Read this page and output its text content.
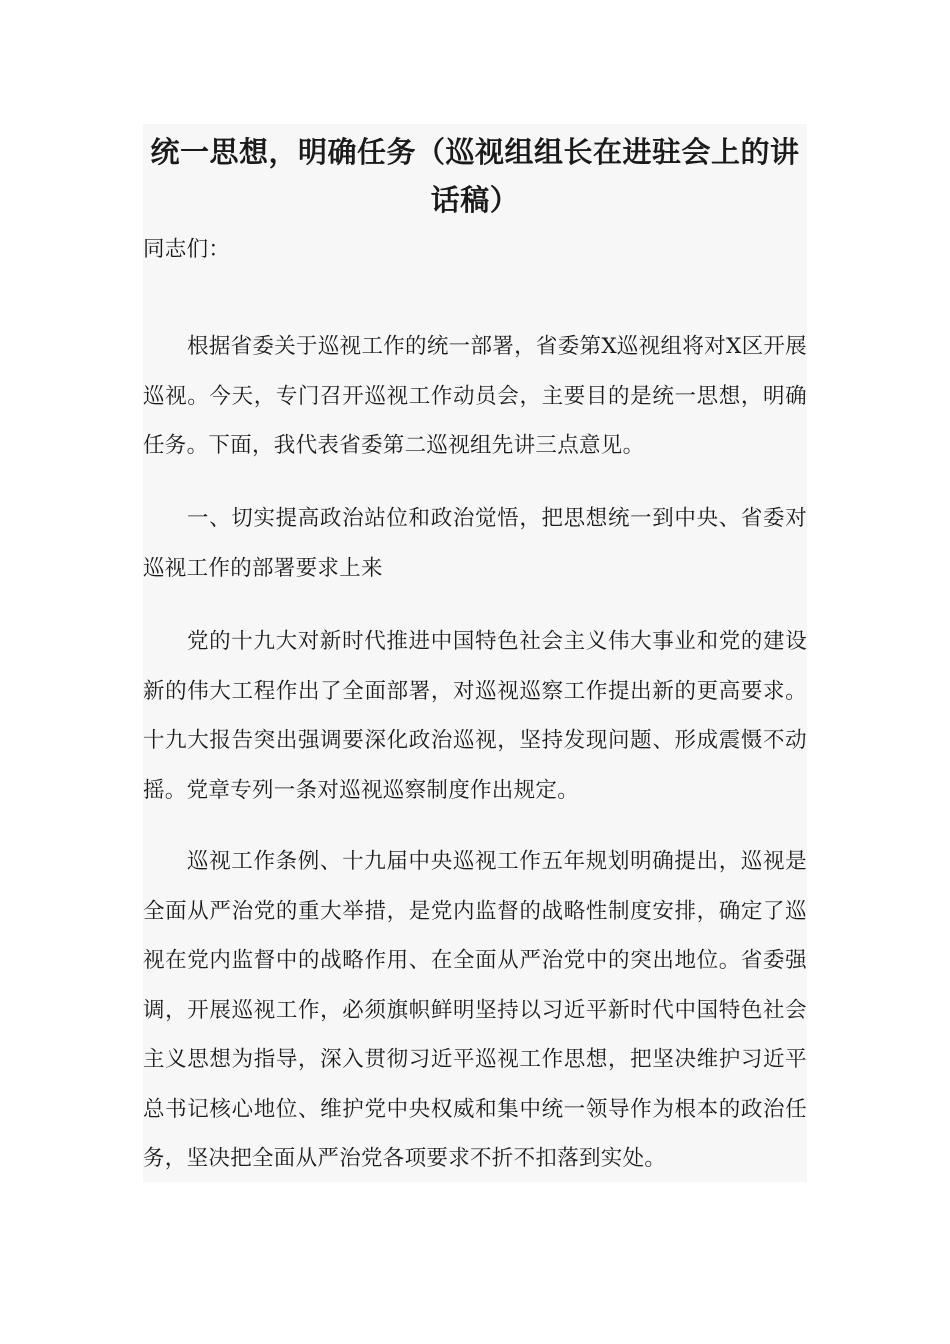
统一思想，明确任务（巡视组组长在进驻会上的讲话稿）

同志们：

根据省委关于巡视工作的统一部署，省委第X巡视组将对X区开展巡视。今天，专门召开巡视工作动员会，主要目的是统一思想，明确任务。下面，我代表省委第二巡视组先讲三点意见。

一、切实提高政治站位和政治觉悟，把思想统一到中央、省委对巡视工作的部署要求上来

党的十九大对新时代推进中国特色社会主义伟大事业和党的建设新的伟大工程作出了全面部署，对巡视巡察工作提出新的更高要求。十九大报告突出强调要深化政治巡视，坚持发现问题、形成震慑不动摇。党章专列一条对巡视巡察制度作出规定。

巡视工作条例、十九届中央巡视工作五年规划明确提出，巡视是全面从严治党的重大举措，是党内监督的战略性制度安排，确定了巡视在党内监督中的战略作用、在全面从严治党中的突出地位。省委强调，开展巡视工作，必须旗帜鲜明坚持以习近平新时代中国特色社会主义思想为指导，深入贯彻习近平巡视工作思想，把坚决维护习近平总书记核心地位、维护党中央权威和集中统一领导作为根本的政治任务，坚决把全面从严治党各项要求不折不扣落到实处。
